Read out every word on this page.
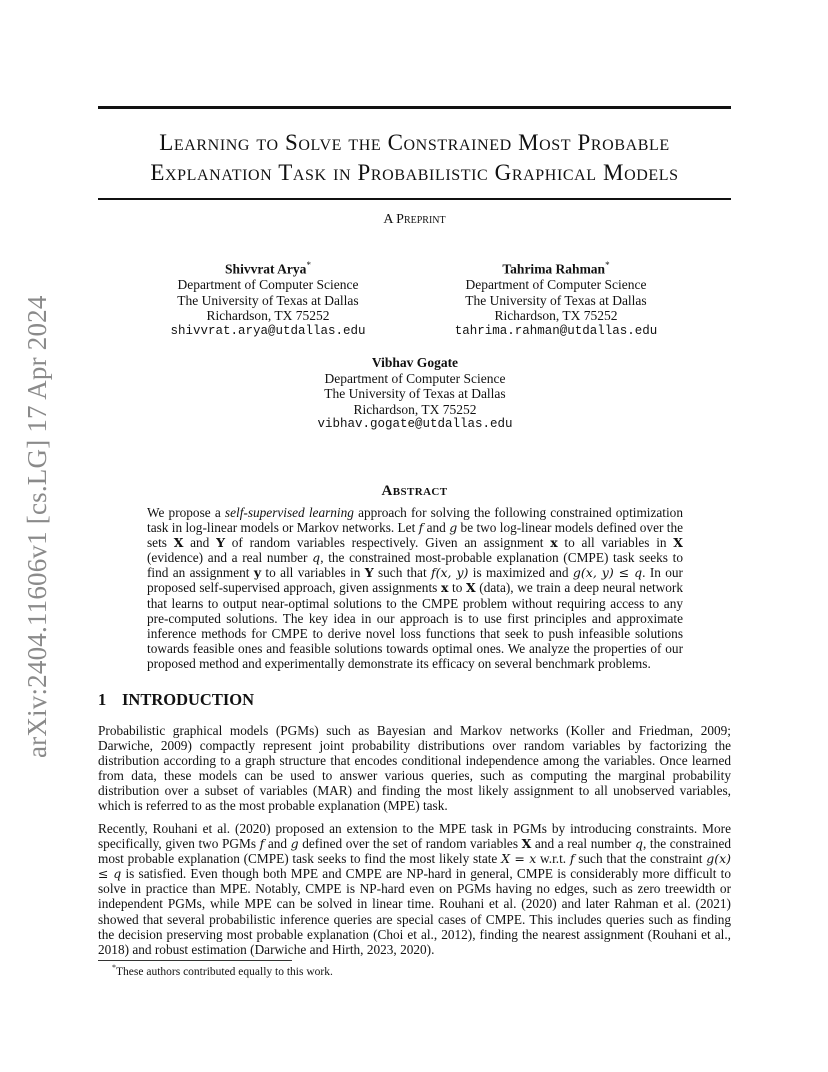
arXiv:2404.11606v1 [cs.LG] 17 Apr 2024
Learning to Solve the Constrained Most Probable
Explanation Task in Probabilistic Graphical Models
A Preprint
Shivvrat Arya*
Department of Computer Science
The University of Texas at Dallas
Richardson, TX 75252
shivvrat.arya@utdallas.edu
Tahrima Rahman*
Department of Computer Science
The University of Texas at Dallas
Richardson, TX 75252
tahrima.rahman@utdallas.edu
Vibhav Gogate
Department of Computer Science
The University of Texas at Dallas
Richardson, TX 75252
vibhav.gogate@utdallas.edu
Abstract
We propose a self-supervised learning approach for solving the following constrained optimization task in log-linear models or Markov networks. Let f and g be two log-linear models defined over the sets X and Y of random variables respectively. Given an assignment x to all variables in X (evidence) and a real number q, the constrained most-probable explanation (CMPE) task seeks to find an assignment y to all variables in Y such that f(x, y) is maximized and g(x, y) ≤ q. In our proposed self-supervised approach, given assignments x to X (data), we train a deep neural network that learns to output near-optimal solutions to the CMPE problem without requiring access to any pre-computed solutions. The key idea in our approach is to use first principles and approximate inference methods for CMPE to derive novel loss functions that seek to push infeasible solutions towards feasible ones and feasible solutions towards optimal ones. We analyze the properties of our proposed method and experimentally demonstrate its efficacy on several benchmark problems.
1 INTRODUCTION
Probabilistic graphical models (PGMs) such as Bayesian and Markov networks (Koller and Friedman, 2009; Darwiche, 2009) compactly represent joint probability distributions over random variables by factorizing the distribution according to a graph structure that encodes conditional independence among the variables. Once learned from data, these models can be used to answer various queries, such as computing the marginal probability distribution over a subset of variables (MAR) and finding the most likely assignment to all unobserved variables, which is referred to as the most probable explanation (MPE) task.
Recently, Rouhani et al. (2020) proposed an extension to the MPE task in PGMs by introducing constraints. More specifically, given two PGMs f and g defined over the set of random variables X and a real number q, the constrained most probable explanation (CMPE) task seeks to find the most likely state X = x w.r.t. f such that the constraint g(x) ≤ q is satisfied. Even though both MPE and CMPE are NP-hard in general, CMPE is considerably more difficult to solve in practice than MPE. Notably, CMPE is NP-hard even on PGMs having no edges, such as zero treewidth or independent PGMs, while MPE can be solved in linear time. Rouhani et al. (2020) and later Rahman et al. (2021) showed that several probabilistic inference queries are special cases of CMPE. This includes queries such as finding the decision preserving most probable explanation (Choi et al., 2012), finding the nearest assignment (Rouhani et al., 2018) and robust estimation (Darwiche and Hirth, 2023, 2020).
*These authors contributed equally to this work.
